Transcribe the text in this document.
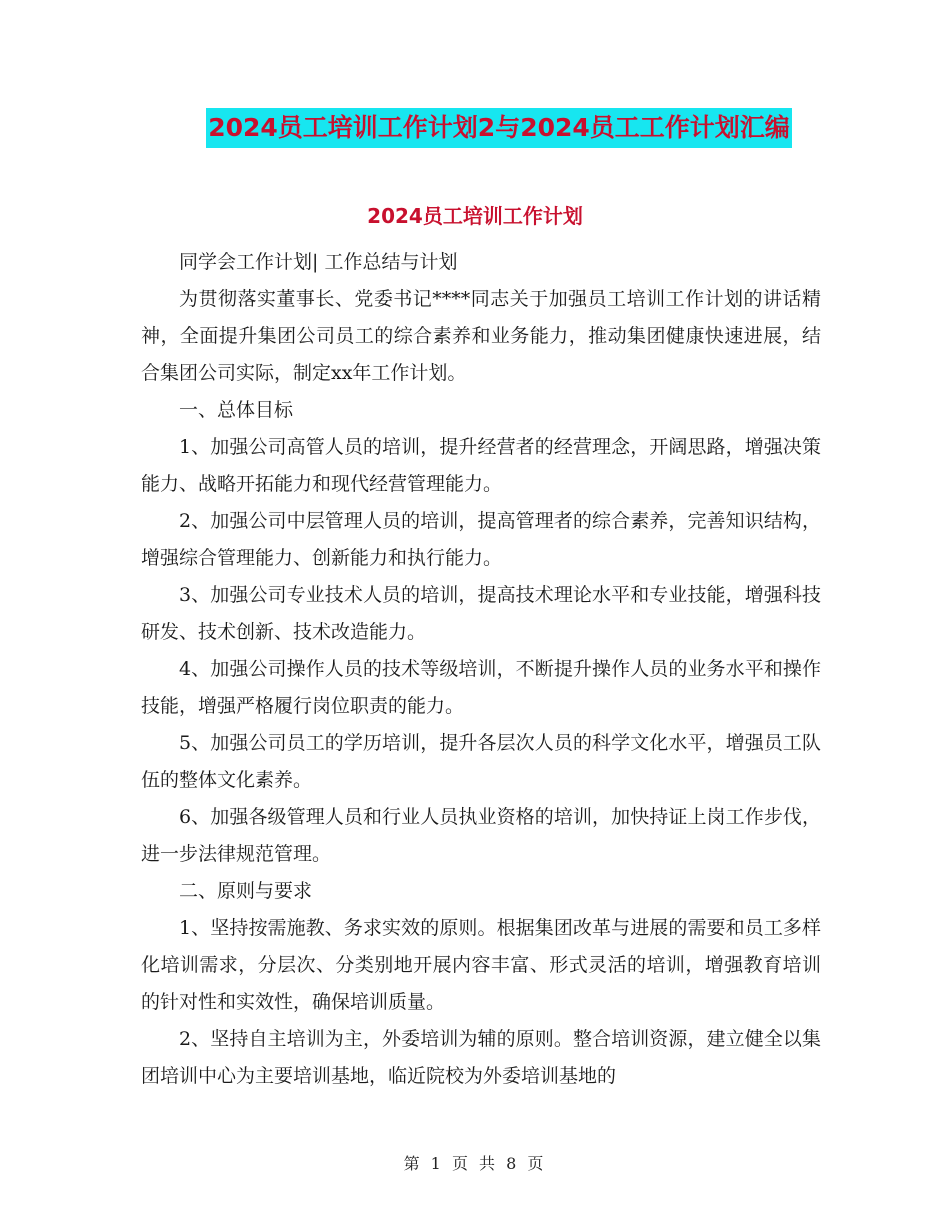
2024员工培训工作计划2与2024员工工作计划汇编
2024员工培训工作计划

同学会工作计划| 工作总结与计划

为贯彻落实董事长、党委书记****同志关于加强员工培训工作计划的讲话精神，全面提升集团公司员工的综合素养和业务能力，推动集团健康快速进展，结合集团公司实际，制定xx年工作计划。

一、总体目标

1、加强公司高管人员的培训，提升经营者的经营理念，开阔思路，增强决策能力、战略开拓能力和现代经营管理能力。

2、加强公司中层管理人员的培训，提高管理者的综合素养，完善知识结构，增强综合管理能力、创新能力和执行能力。

3、加强公司专业技术人员的培训，提高技术理论水平和专业技能，增强科技研发、技术创新、技术改造能力。

4、加强公司操作人员的技术等级培训，不断提升操作人员的业务水平和操作技能，增强严格履行岗位职责的能力。

5、加强公司员工的学历培训，提升各层次人员的科学文化水平，增强员工队伍的整体文化素养。

6、加强各级管理人员和行业人员执业资格的培训，加快持证上岗工作步伐，进一步法律规范管理。

二、原则与要求

1、坚持按需施教、务求实效的原则。根据集团改革与进展的需要和员工多样化培训需求，分层次、分类别地开展内容丰富、形式灵活的培训，增强教育培训的针对性和实效性，确保培训质量。

2、坚持自主培训为主，外委培训为辅的原则。整合培训资源，建立健全以集团培训中心为主要培训基地，临近院校为外委培训基地的

第 1 页 共 8 页
